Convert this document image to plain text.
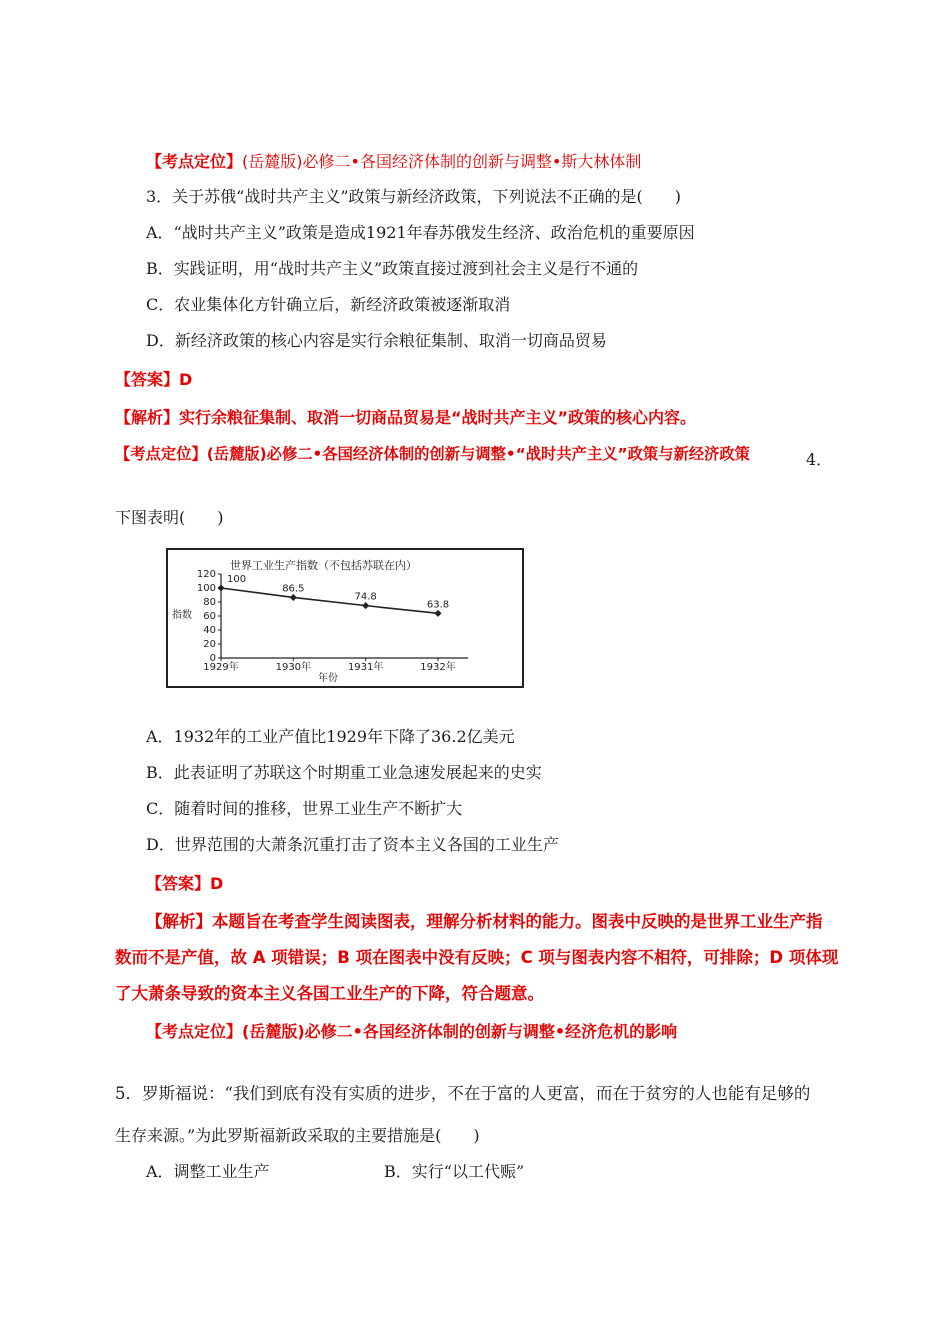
【考点定位】(岳麓版)必修二•各国经济体制的创新与调整•斯大林体制
3．关于苏俄“战时共产主义”政策与新经济政策，下列说法不正确的是(　　)
A．“战时共产主义”政策是造成1921年春苏俄发生经济、政治危机的重要原因
B．实践证明，用“战时共产主义”政策直接过渡到社会主义是行不通的
C．农业集体化方针确立后，新经济政策被逐渐取消
D．新经济政策的核心内容是实行余粮征集制、取消一切商品贸易
【答案】D
【解析】实行余粮征集制、取消一切商品贸易是“战时共产主义”政策的核心内容。
【考点定位】(岳麓版)必修二•各国经济体制的创新与调整•“战时共产主义”政策与新经济政策	4．
下图表明(　　)
世界工业生产指数（不包括苏联在内）
指数
年份
120
100
80
60
40
20
0
1929年	1930年	1931年	1932年
100
86.5
74.8
63.8
A．1932年的工业产值比1929年下降了36.2亿美元
B．此表证明了苏联这个时期重工业急速发展起来的史实
C．随着时间的推移，世界工业生产不断扩大
D．世界范围的大萧条沉重打击了资本主义各国的工业生产
【答案】D
【解析】本题旨在考查学生阅读图表，理解分析材料的能力。图表中反映的是世界工业生产指
数而不是产值，故 A 项错误；B 项在图表中没有反映；C 项与图表内容不相符，可排除；D 项体现
了大萧条导致的资本主义各国工业生产的下降，符合题意。
【考点定位】(岳麓版)必修二•各国经济体制的创新与调整•经济危机的影响
5．罗斯福说：“我们到底有没有实质的进步，不在于富的人更富，而在于贫穷的人也能有足够的
生存来源。”为此罗斯福新政采取的主要措施是(　　)
A．调整工业生产	B．实行“以工代赈”
